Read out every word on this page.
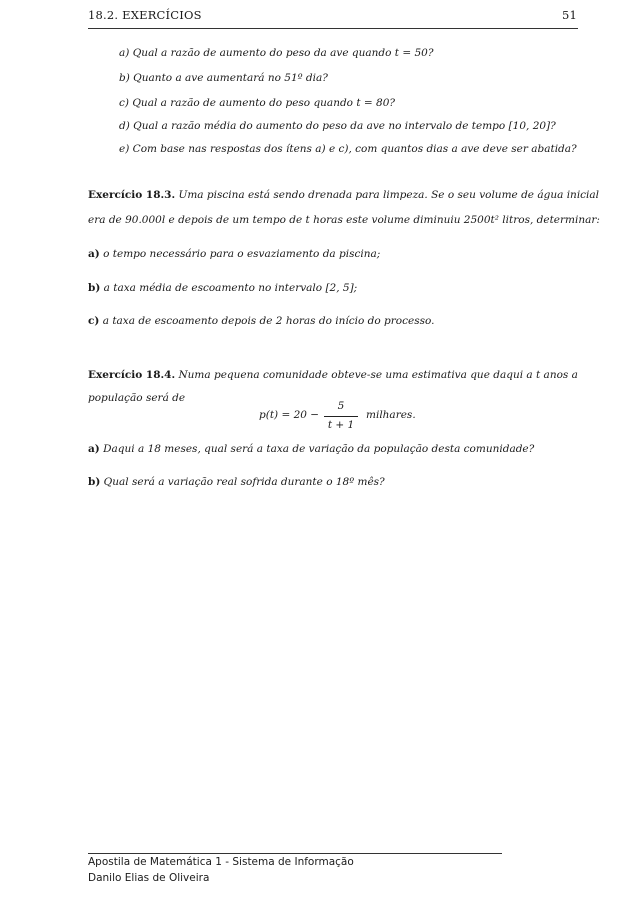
18.2. EXERCÍCIOS	51
a) Qual a razão de aumento do peso da ave quando t = 50?
b) Quanto a ave aumentará no 51º dia?
c) Qual a razão de aumento do peso quando t = 80?
d) Qual a razão média do aumento do peso da ave no intervalo de tempo [10, 20]?
e) Com base nas respostas dos ítens a) e c), com quantos dias a ave deve ser abatida?
Exercício 18.3. Uma piscina está sendo drenada para limpeza. Se o seu volume de água inicial
era de 90.000l e depois de um tempo de t horas este volume diminuiu 2500t² litros, determinar:
a) o tempo necessário para o esvaziamento da piscina;
b) a taxa média de escoamento no intervalo [2, 5];
c) a taxa de escoamento depois de 2 horas do início do processo.
Exercício 18.4. Numa pequena comunidade obteve-se uma estimativa que daqui a t anos a
população será de
p(t) = 20 −
5
t + 1
milhares.
a) Daqui a 18 meses, qual será a taxa de variação da população desta comunidade?
b) Qual será a variação real sofrida durante o 18º mês?
Apostila de Matemática 1 - Sistema de Informação
Danilo Elias de Oliveira
